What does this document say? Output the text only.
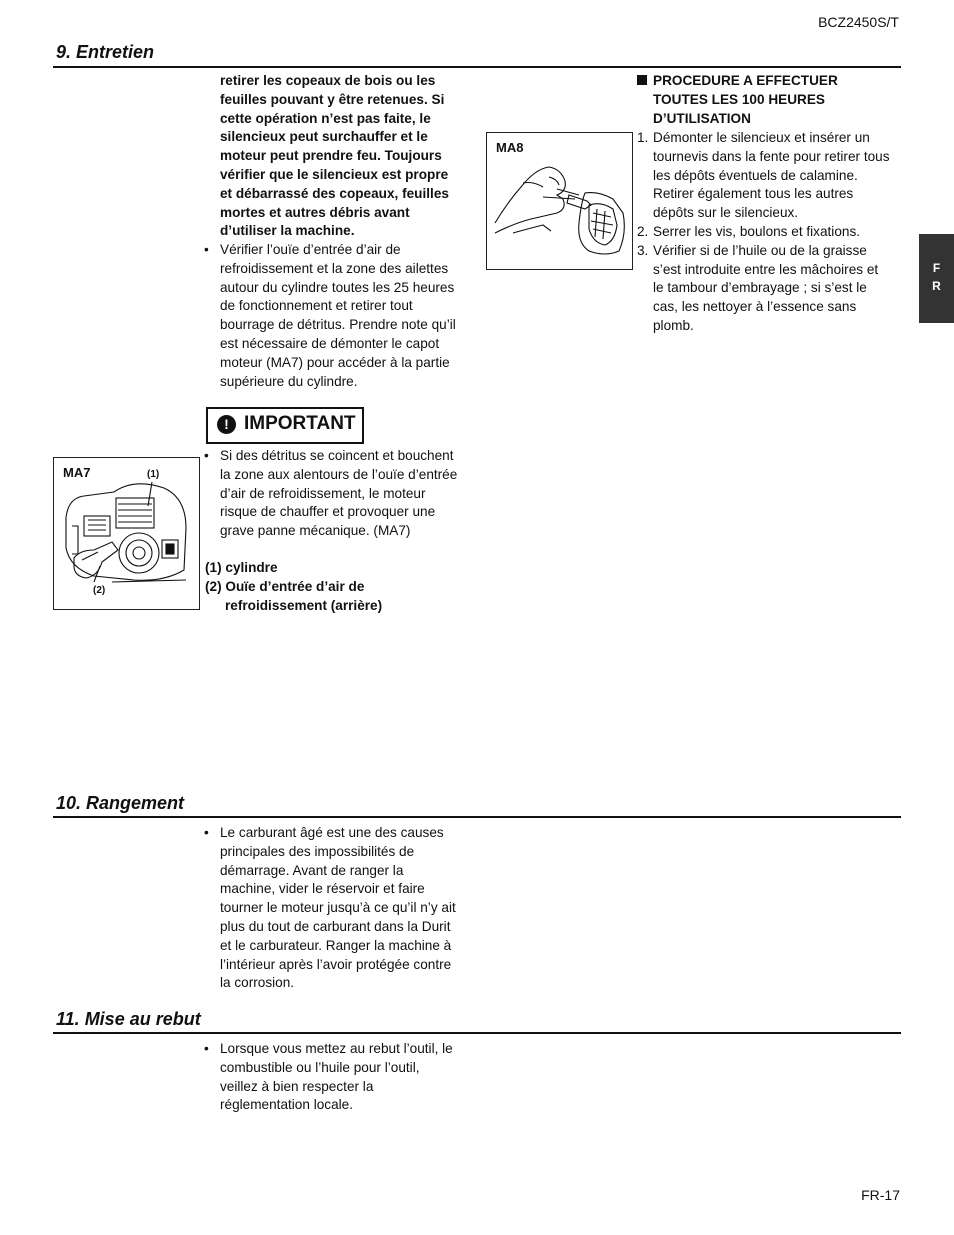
BCZ2450S/T
9. Entretien
F
R
retirer les copeaux de bois ou les
feuilles pouvant y être retenues. Si
cette opération n’est pas faite, le
silencieux peut surchauffer et le
moteur peut prendre feu. Toujours
vérifier que le silencieux est propre
et débarrassé des copeaux, feuilles
mortes et autres débris avant
d’utiliser la machine.
• Vérifier l’ouïe d’entrée d’air de
refroidissement et la zone des ailettes
autour du cylindre toutes les 25 heures
de fonctionnement et retirer tout
bourrage de détritus. Prendre note qu’il
est nécessaire de démonter le capot
moteur (MA7) pour accéder à la partie
supérieure du cylindre.
! IMPORTANT
• Si des détritus se coincent et bouchent
la zone aux alentours de l’ouïe d’entrée
d’air de refroidissement, le moteur
risque de chauffer et provoquer une
grave panne mécanique. (MA7)
(1) cylindre
(2) Ouïe d’entrée d’air de
refroidissement (arrière)
MA7	(1)
(2)
MA8
PROCEDURE A EFFECTUER
TOUTES LES 100 HEURES
D’UTILISATION
1. Démonter le silencieux et insérer un
tournevis dans la fente pour retirer tous
les dépôts éventuels de calamine.
Retirer également tous les autres
dépôts sur le silencieux.
2. Serrer les vis, boulons et fixations.
3. Vérifier si de l’huile ou de la graisse
s’est introduite entre les mâchoires et
le tambour d’embrayage ; si s’est le
cas, les nettoyer à l’essence sans
plomb.
10. Rangement
• Le carburant âgé est une des causes
principales des impossibilités de
démarrage. Avant de ranger la
machine, vider le réservoir et faire
tourner le moteur jusqu’à ce qu’il n’y ait
plus du tout de carburant dans la Durit
et le carburateur. Ranger la machine à
l’intérieur après l’avoir protégée contre
la corrosion.
11. Mise au rebut
• Lorsque vous mettez au rebut l’outil, le
combustible ou l’huile pour l’outil,
veillez à bien respecter la
réglementation locale.
FR-17
